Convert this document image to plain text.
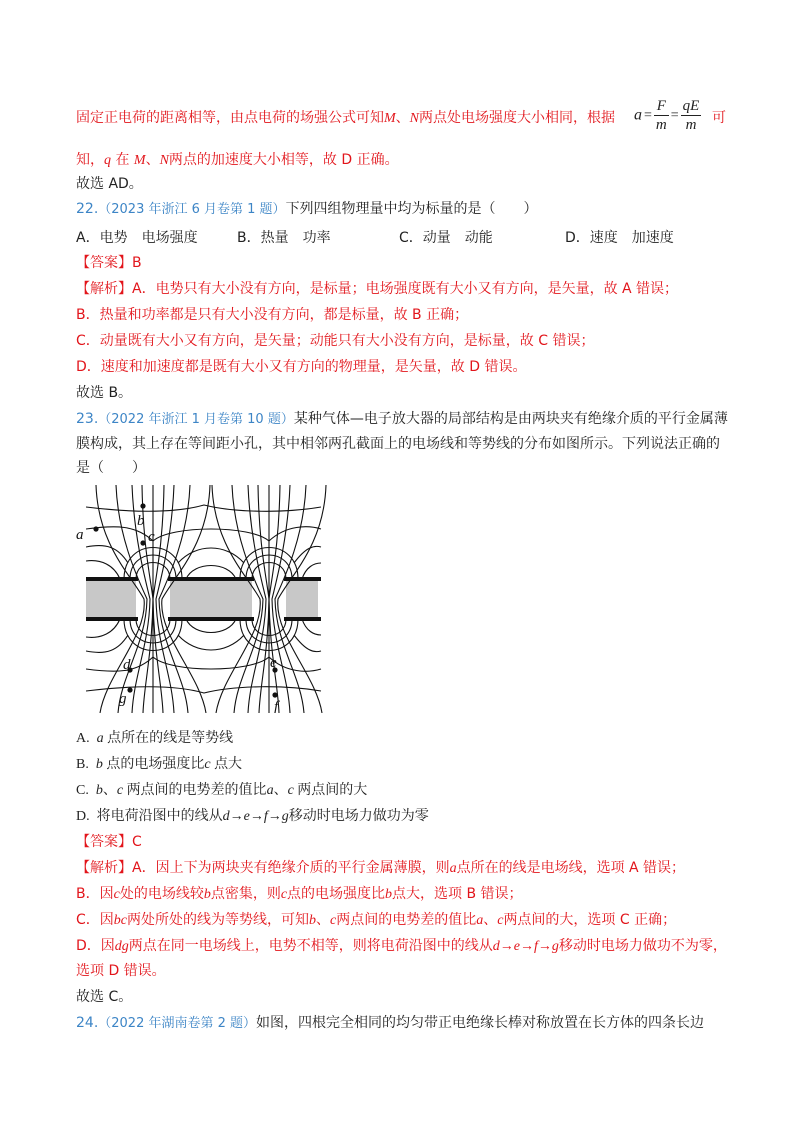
固定正电荷的距离相等，由点电荷的场强公式可知M、N两点处电场强度大小相同，根据 $a = \frac{F}{m} = \frac{qE}{m}$ 可
知，q 在 M、N两点的加速度大小相等，故 D 正确。
故选 AD。
22.（2023 年浙江 6 月卷第 1 题）下列四组物理量中均为标量的是（　　）
A．电势　电场强度	B．热量　功率	C．动量　动能	D．速度　加速度
【答案】B
【解析】A．电势只有大小没有方向，是标量；电场强度既有大小又有方向，是矢量，故 A 错误；
B．热量和功率都是只有大小没有方向，都是标量，故 B 正确；
C．动量既有大小又有方向，是矢量；动能只有大小没有方向，是标量，故 C 错误；
D．速度和加速度都是既有大小又有方向的物理量，是矢量，故 D 错误。
故选 B。
23.（2022 年浙江 1 月卷第 10 题）某种气体—电子放大器的局部结构是由两块夹有绝缘介质的平行金属薄
膜构成，其上存在等间距小孔，其中相邻两孔截面上的电场线和等势线的分布如图所示。下列说法正确的
是（　　）
a
b
c
d	e
f
g
A. a 点所在的线是等势线
B. b 点的电场强度比c 点大
C. b、c 两点间的电势差的值比a、c 两点间的大
D. 将电荷沿图中的线从d→e→f→g移动时电场力做功为零
【答案】C
【解析】A．因上下为两块夹有绝缘介质的平行金属薄膜，则a点所在的线是电场线，选项 A 错误；
B．因c处的电场线较b点密集，则c点的电场强度比b点大，选项 B 错误；
C．因bc两处所处的线为等势线，可知b、c两点间的电势差的值比a、c两点间的大，选项 C 正确；
D．因dg两点在同一电场线上，电势不相等，则将电荷沿图中的线从d→e→f→g移动时电场力做功不为零，
选项 D 错误。
故选 C。
24.（2022 年湖南卷第 2 题）如图，四根完全相同的均匀带正电绝缘长棒对称放置在长方体的四条长边
